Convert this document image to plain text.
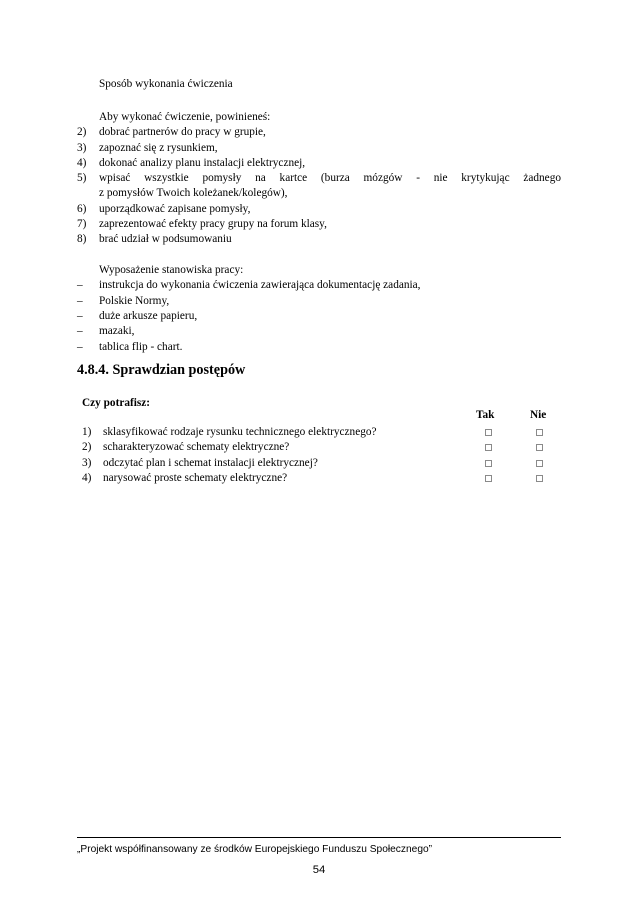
Sposób wykonania ćwiczenia
Aby wykonać ćwiczenie, powinieneś:
2) dobrać partnerów do pracy w grupie,
3) zapoznać się z rysunkiem,
4) dokonać analizy planu instalacji elektrycznej,
5) wpisać wszystkie pomysły na kartce (burza mózgów - nie krytykując żadnego
z pomysłów Twoich koleżanek/kolegów),
6) uporządkować zapisane pomysły,
7) zaprezentować efekty pracy grupy na forum klasy,
8) brać udział w podsumowaniu
Wyposażenie stanowiska pracy:
– instrukcja do wykonania ćwiczenia zawierająca dokumentację zadania,
– Polskie Normy,
– duże arkusze papieru,
– mazaki,
– tablica flip - chart.
4.8.4. Sprawdzian postępów
Czy potrafisz:
Tak	Nie
1) sklasyfikować rodzaje rysunku technicznego elektrycznego?
2) scharakteryzować schematy elektryczne?
3) odczytać plan i schemat instalacji elektrycznej?
4) narysować proste schematy elektryczne?
„Projekt współfinansowany ze środków Europejskiego Funduszu Społecznego”
54
